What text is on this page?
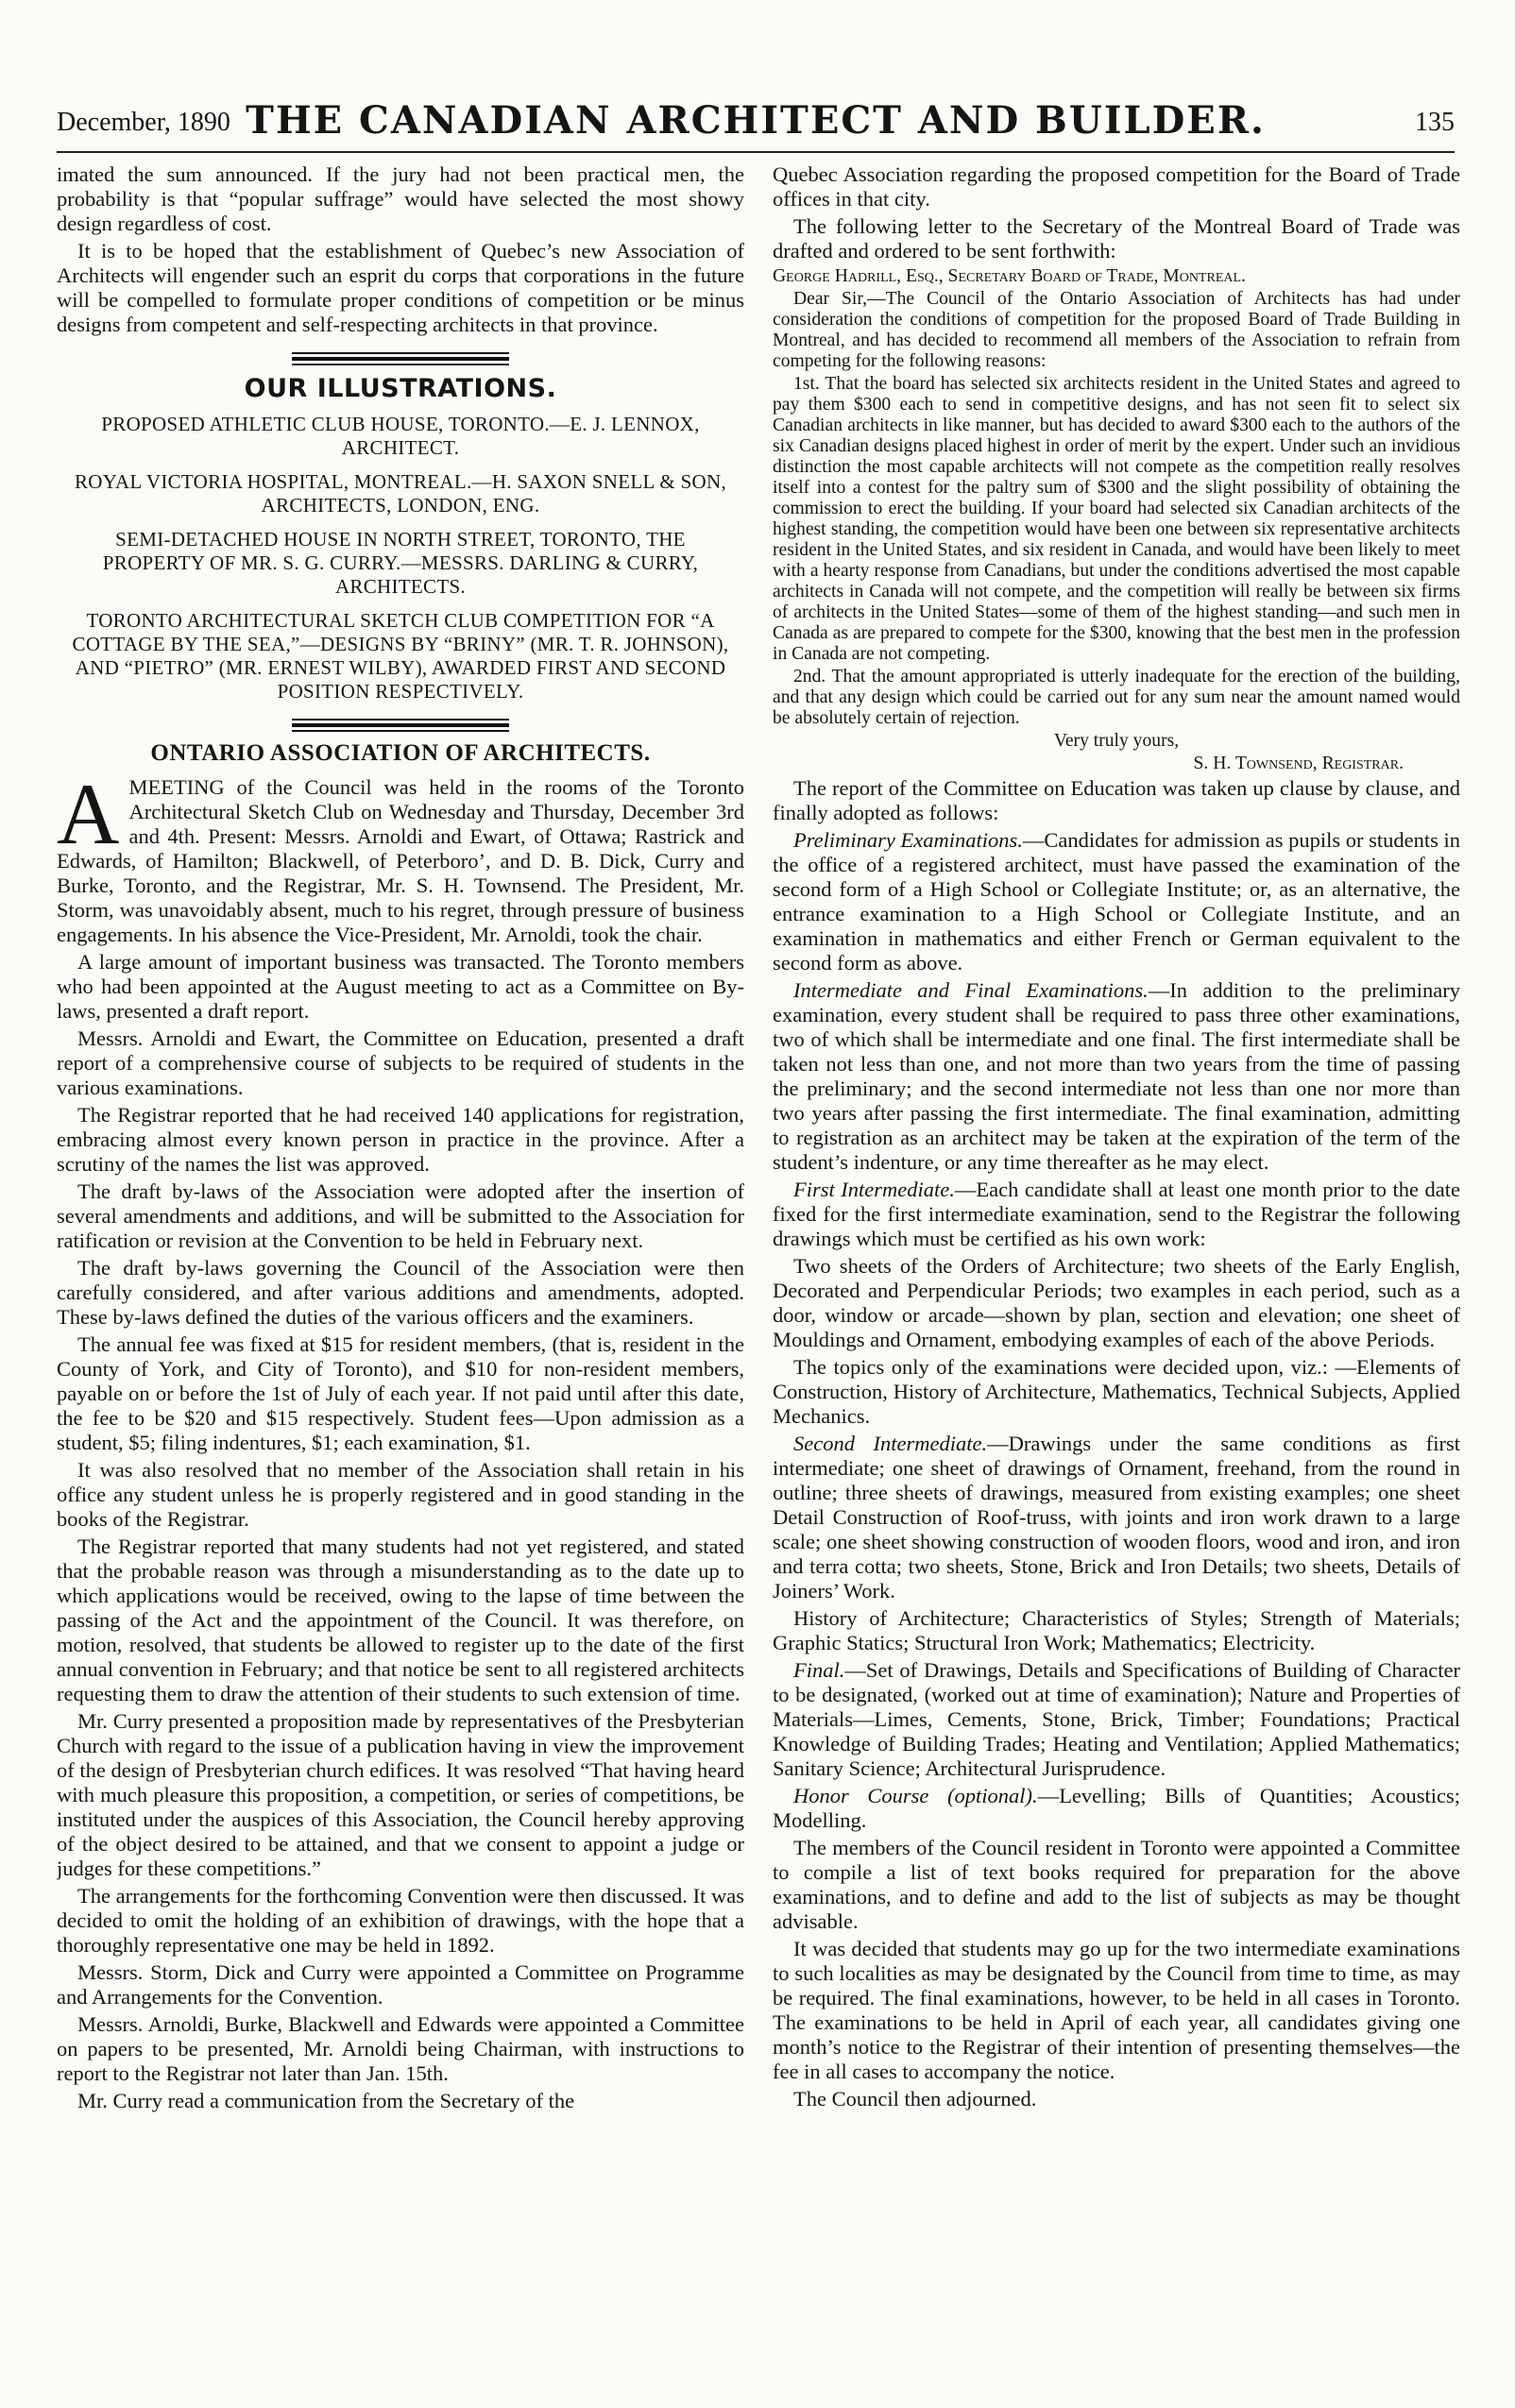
December, 1890 THE CANADIAN ARCHITECT AND BUILDER.	135

imated the sum announced. If the jury had not been practical men, the probability is that “popular suffrage” would have selected the most showy design regardless of cost.

It is to be hoped that the establishment of Quebec’s new Association of Architects will engender such an esprit du corps that corporations in the future will be compelled to formulate proper conditions of competition or be minus designs from competent and self-respecting architects in that province.

OUR ILLUSTRATIONS.
PROPOSED ATHLETIC CLUB HOUSE, TORONTO.—E. J. LENNOX, ARCHITECT.
ROYAL VICTORIA HOSPITAL, MONTREAL.—H. SAXON SNELL & SON, ARCHITECTS, LONDON, ENG.
SEMI-DETACHED HOUSE IN NORTH STREET, TORONTO, THE PROPERTY OF MR. S. G. CURRY.—MESSRS. DARLING & CURRY, ARCHITECTS.
TORONTO ARCHITECTURAL SKETCH CLUB COMPETITION FOR “A COTTAGE BY THE SEA,”—DESIGNS BY “BRINY” (MR. T. R. JOHNSON), AND “PIETRO” (MR. ERNEST WILBY), AWARDED FIRST AND SECOND POSITION RESPECTIVELY.
ONTARIO ASSOCIATION OF ARCHITECTS.

AMEETING of the Council was held in the rooms of the Toronto Architectural Sketch Club on Wednesday and Thursday, December 3rd and 4th. Present: Messrs. Arnoldi and Ewart, of Ottawa; Rastrick and Edwards, of Hamilton; Blackwell, of Peterboro’, and D. B. Dick, Curry and Burke, Toronto, and the Registrar, Mr. S. H. Townsend. The President, Mr. Storm, was unavoidably absent, much to his regret, through pressure of business engagements. In his absence the Vice-President, Mr. Arnoldi, took the chair.

A large amount of important business was transacted. The Toronto members who had been appointed at the August meeting to act as a Committee on By-laws, presented a draft report.

Messrs. Arnoldi and Ewart, the Committee on Education, presented a draft report of a comprehensive course of subjects to be required of students in the various examinations.

The Registrar reported that he had received 140 applications for registration, embracing almost every known person in practice in the province. After a scrutiny of the names the list was approved.

The draft by-laws of the Association were adopted after the insertion of several amendments and additions, and will be submitted to the Association for ratification or revision at the Convention to be held in February next.

The draft by-laws governing the Council of the Association were then carefully considered, and after various additions and amendments, adopted. These by-laws defined the duties of the various officers and the examiners.

The annual fee was fixed at $15 for resident members, (that is, resident in the County of York, and City of Toronto), and $10 for non-resident members, payable on or before the 1st of July of each year. If not paid until after this date, the fee to be $20 and $15 respectively. Student fees—Upon admission as a student, $5; filing indentures, $1; each examination, $1.

It was also resolved that no member of the Association shall retain in his office any student unless he is properly registered and in good standing in the books of the Registrar.

The Registrar reported that many students had not yet registered, and stated that the probable reason was through a misunderstanding as to the date up to which applications would be received, owing to the lapse of time between the passing of the Act and the appointment of the Council. It was therefore, on motion, resolved, that students be allowed to register up to the date of the first annual convention in February; and that notice be sent to all registered architects requesting them to draw the attention of their students to such extension of time.

Mr. Curry presented a proposition made by representatives of the Presbyterian Church with regard to the issue of a publication having in view the improvement of the design of Presbyterian church edifices. It was resolved “That having heard with much pleasure this proposition, a competition, or series of competitions, be instituted under the auspices of this Association, the Council hereby approving of the object desired to be attained, and that we consent to appoint a judge or judges for these competitions.”

The arrangements for the forthcoming Convention were then discussed. It was decided to omit the holding of an exhibition of drawings, with the hope that a thoroughly representative one may be held in 1892.

Messrs. Storm, Dick and Curry were appointed a Committee on Programme and Arrangements for the Convention.

Messrs. Arnoldi, Burke, Blackwell and Edwards were appointed a Committee on papers to be presented, Mr. Arnoldi being Chairman, with instructions to report to the Registrar not later than Jan. 15th.

Mr. Curry read a communication from the Secretary of the

Quebec Association regarding the proposed competition for the Board of Trade offices in that city.

The following letter to the Secretary of the Montreal Board of Trade was drafted and ordered to be sent forthwith:

George Hadrill, Esq., Secretary Board of Trade, Montreal.

Dear Sir,—The Council of the Ontario Association of Architects has had under consideration the conditions of competition for the proposed Board of Trade Building in Montreal, and has decided to recommend all members of the Association to refrain from competing for the following reasons:

1st. That the board has selected six architects resident in the United States and agreed to pay them $300 each to send in competitive designs, and has not seen fit to select six Canadian architects in like manner, but has decided to award $300 each to the authors of the six Canadian designs placed highest in order of merit by the expert. Under such an invidious distinction the most capable architects will not compete as the competition really resolves itself into a contest for the paltry sum of $300 and the slight possibility of obtaining the commission to erect the building. If your board had selected six Canadian architects of the highest standing, the competition would have been one between six representative architects resident in the United States, and six resident in Canada, and would have been likely to meet with a hearty response from Canadians, but under the conditions advertised the most capable architects in Canada will not compete, and the competition will really be between six firms of architects in the United States—some of them of the highest standing—and such men in Canada as are prepared to compete for the $300, knowing that the best men in the profession in Canada are not competing.

2nd. That the amount appropriated is utterly inadequate for the erection of the building, and that any design which could be carried out for any sum near the amount named would be absolutely certain of rejection.

Very truly yours,

S. H. Townsend, Registrar.

The report of the Committee on Education was taken up clause by clause, and finally adopted as follows:

Preliminary Examinations.—Candidates for admission as pupils or students in the office of a registered architect, must have passed the examination of the second form of a High School or Collegiate Institute; or, as an alternative, the entrance examination to a High School or Collegiate Institute, and an examination in mathematics and either French or German equivalent to the second form as above.

Intermediate and Final Examinations.—In addition to the preliminary examination, every student shall be required to pass three other examinations, two of which shall be intermediate and one final. The first intermediate shall be taken not less than one, and not more than two years from the time of passing the preliminary; and the second intermediate not less than one nor more than two years after passing the first intermediate. The final examination, admitting to registration as an architect may be taken at the expiration of the term of the student’s indenture, or any time thereafter as he may elect.

First Intermediate.—Each candidate shall at least one month prior to the date fixed for the first intermediate examination, send to the Registrar the following drawings which must be certified as his own work:

Two sheets of the Orders of Architecture; two sheets of the Early English, Decorated and Perpendicular Periods; two examples in each period, such as a door, window or arcade—shown by plan, section and elevation; one sheet of Mouldings and Ornament, embodying examples of each of the above Periods.

The topics only of the examinations were decided upon, viz.: —Elements of Construction, History of Architecture, Mathematics, Technical Subjects, Applied Mechanics.

Second Intermediate.—Drawings under the same conditions as first intermediate; one sheet of drawings of Ornament, freehand, from the round in outline; three sheets of drawings, measured from existing examples; one sheet Detail Construction of Roof-truss, with joints and iron work drawn to a large scale; one sheet showing construction of wooden floors, wood and iron, and iron and terra cotta; two sheets, Stone, Brick and Iron Details; two sheets, Details of Joiners’ Work.

History of Architecture; Characteristics of Styles; Strength of Materials; Graphic Statics; Structural Iron Work; Mathematics; Electricity.

Final.—Set of Drawings, Details and Specifications of Building of Character to be designated, (worked out at time of examination); Nature and Properties of Materials—Limes, Cements, Stone, Brick, Timber; Foundations; Practical Knowledge of Building Trades; Heating and Ventilation; Applied Mathematics; Sanitary Science; Architectural Jurisprudence.

Honor Course (optional).—Levelling; Bills of Quantities; Acoustics; Modelling.

The members of the Council resident in Toronto were appointed a Committee to compile a list of text books required for preparation for the above examinations, and to define and add to the list of subjects as may be thought advisable.

It was decided that students may go up for the two intermediate examinations to such localities as may be designated by the Council from time to time, as may be required. The final examinations, however, to be held in all cases in Toronto. The examinations to be held in April of each year, all candidates giving one month’s notice to the Registrar of their intention of presenting themselves—the fee in all cases to accompany the notice.

The Council then adjourned.
